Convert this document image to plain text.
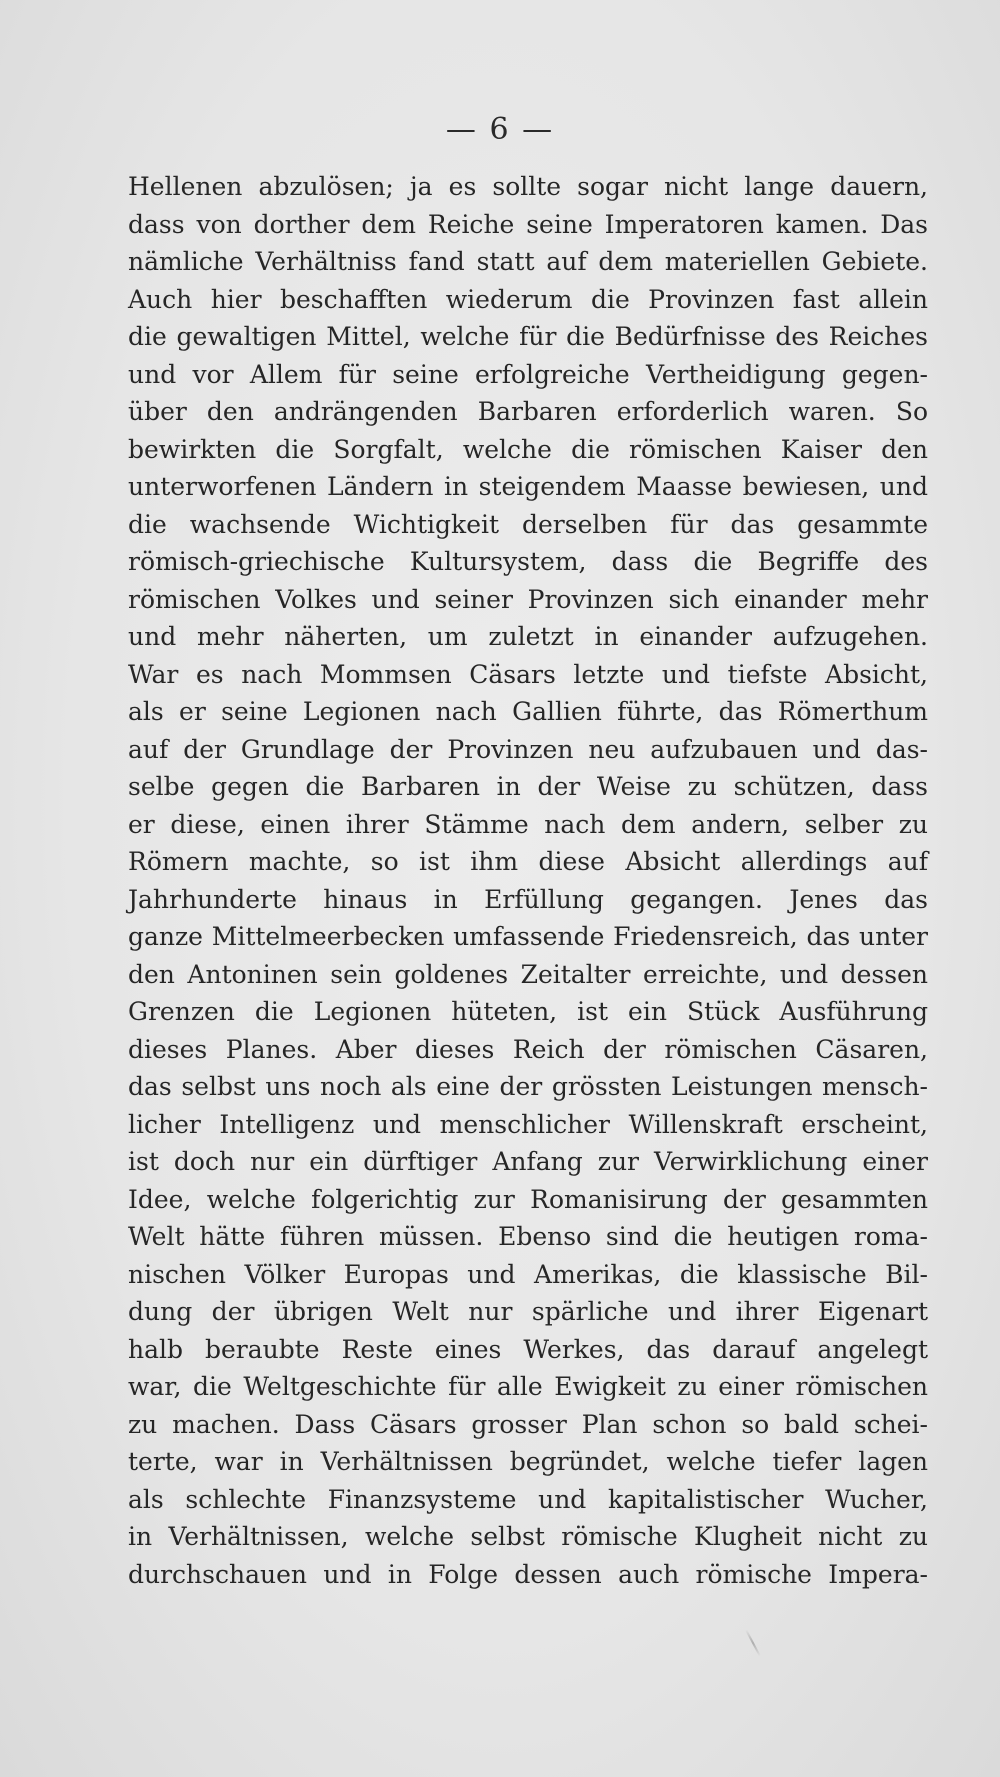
— 6 —
Hellenen abzulösen; ja es sollte sogar nicht lange dauern,
dass von dorther dem Reiche seine Imperatoren kamen. Das
nämliche Verhältniss fand statt auf dem materiellen Gebiete.
Auch hier beschafften wiederum die Provinzen fast allein
die gewaltigen Mittel, welche für die Bedürfnisse des Reiches
und vor Allem für seine erfolgreiche Vertheidigung gegen-
über den andrängenden Barbaren erforderlich waren. So
bewirkten die Sorgfalt, welche die römischen Kaiser den
unterworfenen Ländern in steigendem Maasse bewiesen, und
die wachsende Wichtigkeit derselben für das gesammte
römisch-griechische Kultursystem, dass die Begriffe des
römischen Volkes und seiner Provinzen sich einander mehr
und mehr näherten, um zuletzt in einander aufzugehen.
War es nach Mommsen Cäsars letzte und tiefste Absicht,
als er seine Legionen nach Gallien führte, das Römerthum
auf der Grundlage der Provinzen neu aufzubauen und das-
selbe gegen die Barbaren in der Weise zu schützen, dass
er diese, einen ihrer Stämme nach dem andern, selber zu
Römern machte, so ist ihm diese Absicht allerdings auf
Jahrhunderte hinaus in Erfüllung gegangen. Jenes das
ganze Mittelmeerbecken umfassende Friedensreich, das unter
den Antoninen sein goldenes Zeitalter erreichte, und dessen
Grenzen die Legionen hüteten, ist ein Stück Ausführung
dieses Planes. Aber dieses Reich der römischen Cäsaren,
das selbst uns noch als eine der grössten Leistungen mensch-
licher Intelligenz und menschlicher Willenskraft erscheint,
ist doch nur ein dürftiger Anfang zur Verwirklichung einer
Idee, welche folgerichtig zur Romanisirung der gesammten
Welt hätte führen müssen. Ebenso sind die heutigen roma-
nischen Völker Europas und Amerikas, die klassische Bil-
dung der übrigen Welt nur spärliche und ihrer Eigenart
halb beraubte Reste eines Werkes, das darauf angelegt
war, die Weltgeschichte für alle Ewigkeit zu einer römischen
zu machen. Dass Cäsars grosser Plan schon so bald schei-
terte, war in Verhältnissen begründet, welche tiefer lagen
als schlechte Finanzsysteme und kapitalistischer Wucher,
in Verhältnissen, welche selbst römische Klugheit nicht zu
durchschauen und in Folge dessen auch römische Impera-
